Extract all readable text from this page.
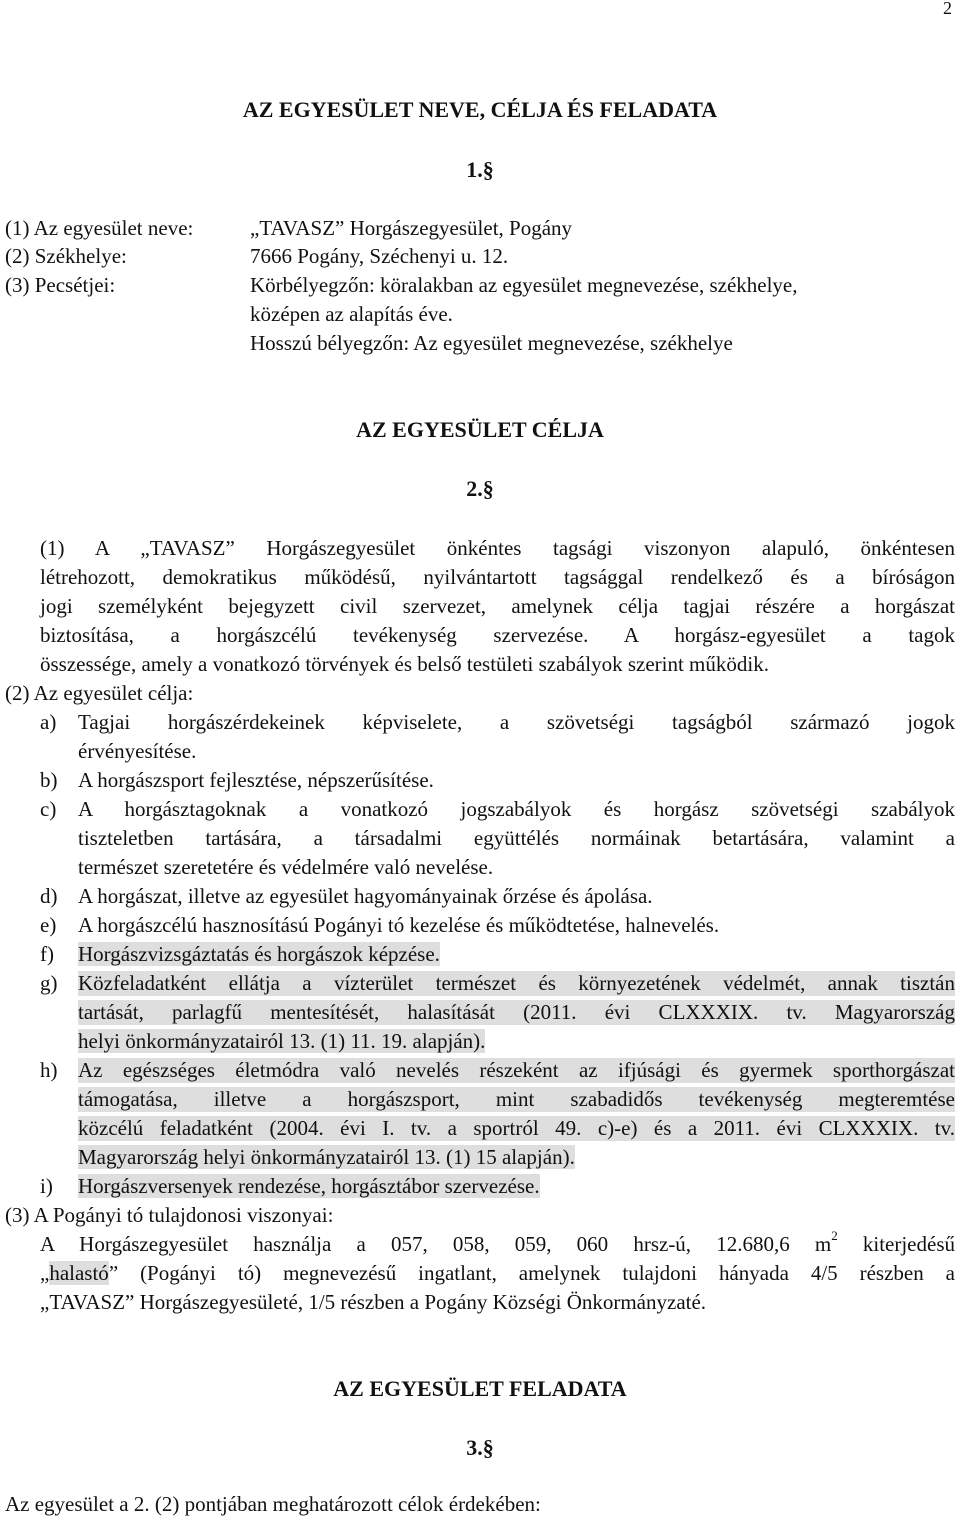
2
AZ EGYESÜLET NEVE, CÉLJA ÉS FELADATA
1.§
(1) Az egyesület neve:	„TAVASZ” Horgászegyesület, Pogány
(2) Székhelye:	7666 Pogány, Széchenyi u. 12.
(3) Pecsétjei:	Körbélyegzőn: köralakban az egyesület megnevezése, székhelye,
középen az alapítás éve.
Hosszú bélyegzőn: Az egyesület megnevezése, székhelye
AZ EGYESÜLET CÉLJA
2.§
(1) A „TAVASZ” Horgászegyesület önkéntes tagsági viszonyon alapuló, önkéntesen
létrehozott, demokratikus működésű, nyilvántartott tagsággal rendelkező és a bíróságon
jogi személyként bejegyzett civil szervezet, amelynek célja tagjai részére a horgászat
biztosítása, a horgászcélú tevékenység szervezése. A horgász-egyesület a tagok
összessége, amely a vonatkozó törvények és belső testületi szabályok szerint működik.
(2) Az egyesület célja:
a) Tagjai horgászérdekeinek képviselete, a szövetségi tagságból származó jogok
érvényesítése.
b) A horgászsport fejlesztése, népszerűsítése.
c) A horgásztagoknak a vonatkozó jogszabályok és horgász szövetségi szabályok
tiszteletben tartására, a társadalmi együttélés normáinak betartására, valamint a
természet szeretetére és védelmére való nevelése.
d) A horgászat, illetve az egyesület hagyományainak őrzése és ápolása.
e) A horgászcélú hasznosítású Pogányi tó kezelése és működtetése, halnevelés.
f) Horgászvizsgáztatás és horgászok képzése.
g) Közfeladatként ellátja a vízterület természet és környezetének védelmét, annak tisztán
tartását, parlagfű mentesítését, halasítását (2011. évi CLXXXIX. tv. Magyarország
helyi önkormányzatairól 13. (1) 11. 19. alapján).
h) Az egészséges életmódra való nevelés részeként az ifjúsági és gyermek sporthorgászat
támogatása, illetve a horgászsport, mint szabadidős tevékenység megteremtése
közcélú feladatként (2004. évi I. tv. a sportról 49. c)-e) és a 2011. évi CLXXXIX. tv.
Magyarország helyi önkormányzatairól 13. (1) 15 alapján).
i) Horgászversenyek rendezése, horgásztábor szervezése.
(3) A Pogányi tó tulajdonosi viszonyai:
A Horgászegyesület használja a 057, 058, 059, 060 hrsz-ú, 12.680,6 $m^2$ kiterjedésű
„halastó” (Pogányi tó) megnevezésű ingatlant, amelynek tulajdoni hányada 4/5 részben a
„TAVASZ” Horgászegyesületé, 1/5 részben a Pogány Községi Önkormányzaté.
AZ EGYESÜLET FELADATA
3.§
Az egyesület a 2. (2) pontjában meghatározott célok érdekében:
